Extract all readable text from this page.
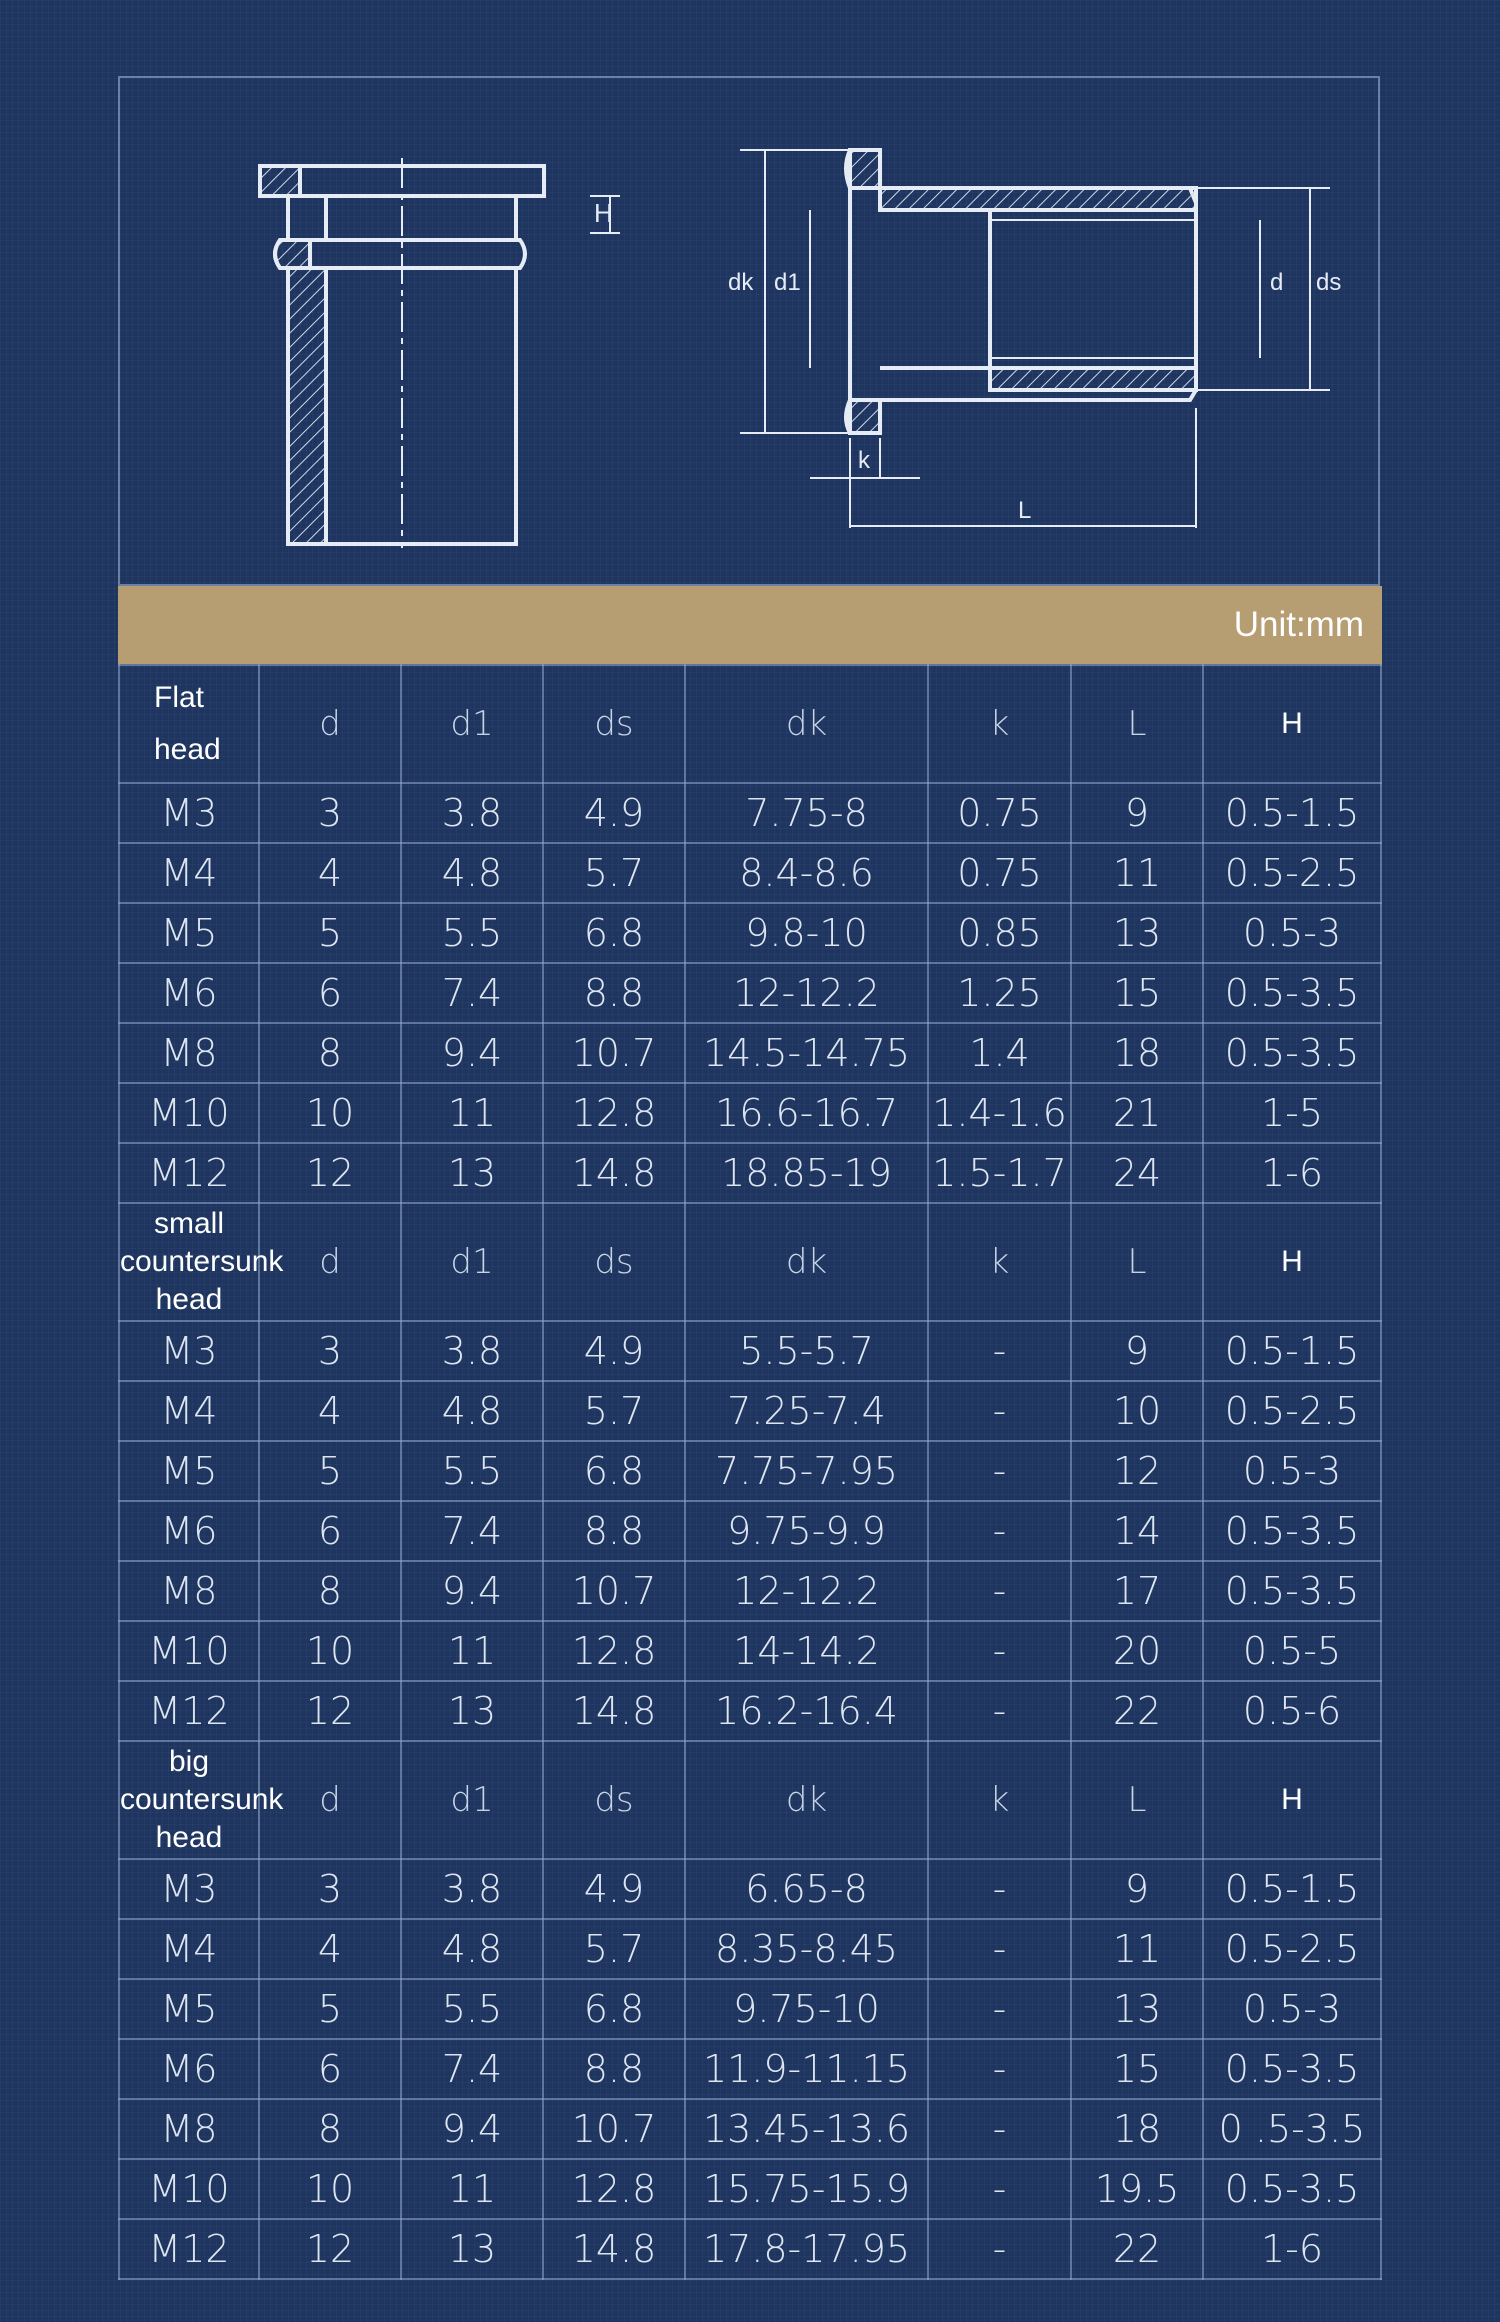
H
dk d1	d ds
k
L
Unit:mm
Flat
head	d	d1	ds	dk	k	L	H
M3	3	3.8	4.9	7.75-8	0.75	9	0.5-1.5
M4	4	4.8	5.7	8.4-8.6	0.75	11	0.5-2.5
M5	5	5.5	6.8	9.8-10	0.85	13	0.5-3
M6	6	7.4	8.8	12-12.2	1.25	15	0.5-3.5
M8	8	9.4	10.7	14.5-14.75	1.4	18	0.5-3.5
M10	10	11	12.8	16.6-16.7	1.4-1.6	21	1-5
M12	12	13	14.8	18.85-19	1.5-1.7	24	1-6

small
countersunk
head	d	d1	ds	dk	k	L	H
M3	3	3.8	4.9	5.5-5.7	-	9	0.5-1.5
M4	4	4.8	5.7	7.25-7.4	-	10	0.5-2.5
M5	5	5.5	6.8	7.75-7.95	-	12	0.5-3
M6	6	7.4	8.8	9.75-9.9	-	14	0.5-3.5
M8	8	9.4	10.7	12-12.2	-	17	0.5-3.5
M10	10	11	12.8	14-14.2	-	20	0.5-5
M12	12	13	14.8	16.2-16.4	-	22	0.5-6

big
countersunk
head	d	d1	ds	dk	k	L	H
M3	3	3.8	4.9	6.65-8	-	9	0.5-1.5
M4	4	4.8	5.7	8.35-8.45	-	11	0.5-2.5
M5	5	5.5	6.8	9.75-10	-	13	0.5-3
M6	6	7.4	8.8	11.9-11.15	-	15	0.5-3.5
M8	8	9.4	10.7	13.45-13.6	-	18	0 .5-3.5
M10	10	11	12.8	15.75-15.9	-	19.5	0.5-3.5
M12	12	13	14.8	17.8-17.95	-	22	1-6
